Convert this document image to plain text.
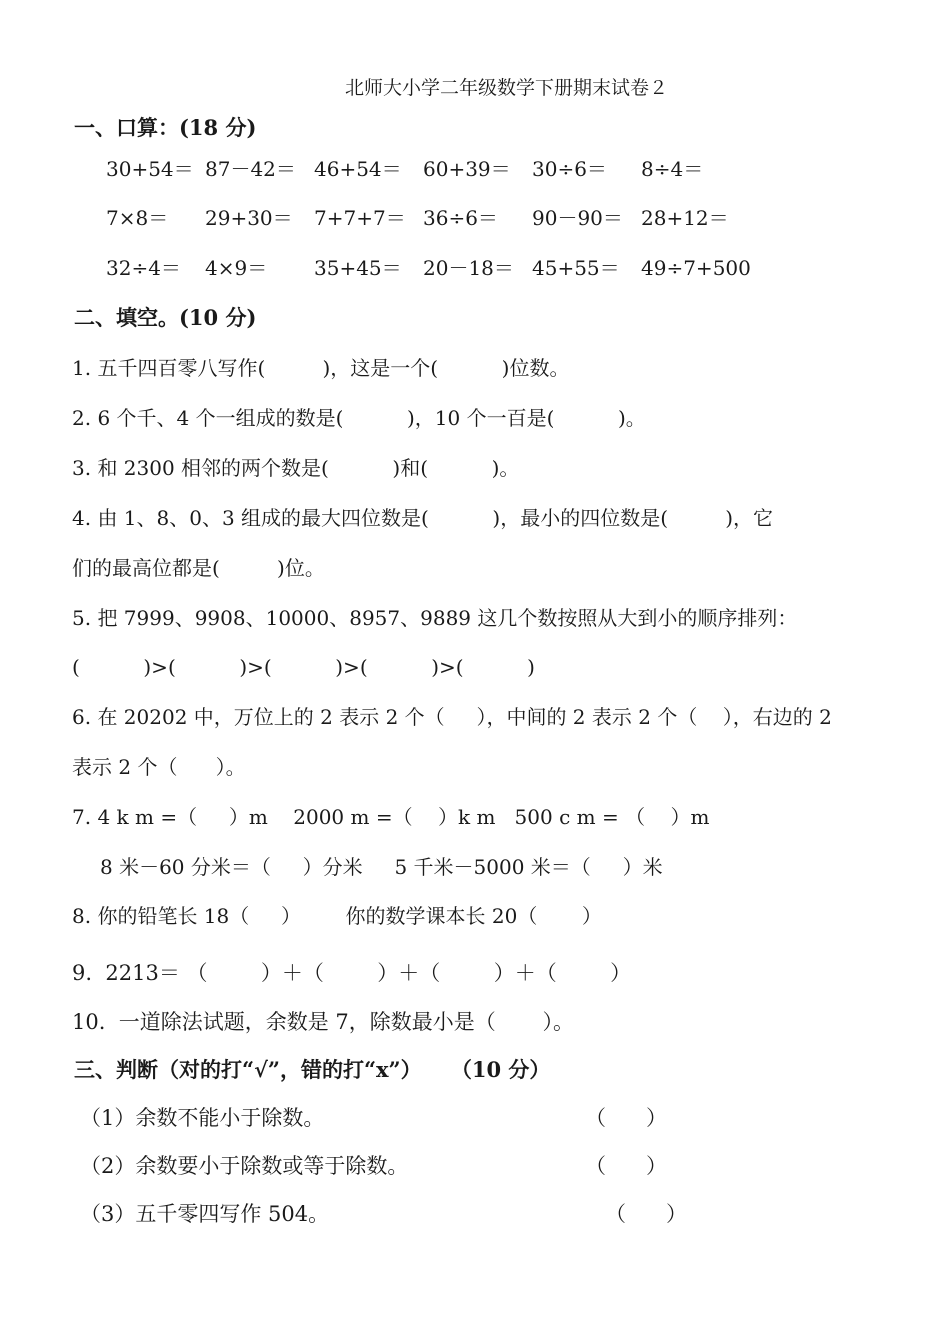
北师大小学二年级数学下册期末试卷２
一、口算：(18 分)
30+54＝ 87－42＝ 46+54＝ 60+39＝ 30÷6＝ 8÷4＝
7×8＝ 29+30＝ 7+7+7＝ 36÷6＝ 90－90＝ 28+12＝
32÷4＝ 4×9＝ 35+45＝ 20－18＝ 45+55＝ 49÷7+500
二、填空。(10 分)
1. 五千四百零八写作(         )，这是一个(          )位数。
2. 6 个千、4 个一组成的数是(          )，10 个一百是(          )。
3. 和 2300 相邻的两个数是(          )和(          )。
4. 由 1、8、0、3 组成的最大四位数是(          )，最小的四位数是(         )，它
们的最高位都是(         )位。
5. 把 7999、9908、10000、8957、9889 这几个数按照从大到小的顺序排列：
(          )>(          )>(          )>(          )>(          )
6. 在 20202 中，万位上的 2 表示 2 个（     ），中间的 2 表示 2 个（    ），右边的 2
表示 2 个（      ）。
7. 4 k m =（     ）m    2000 m =（    ）k m   500 c m = （    ）m
8 米－60 分米＝（     ）分米     5 千米－5000 米＝（     ）米
8. 你的铅笔长 18（     ）       你的数学课本长 20（       ）
9.  2213＝ （        ）＋（        ）＋（        ）＋（        ）
10.  一道除法试题，余数是 7，除数最小是（       ）。
三、判断（对的打“√”，错的打“x”）    （10 分）
（1）余数不能小于除数。	（      ）
（2）余数要小于除数或等于除数。	（      ）
（3）五千零四写作 504。	（      ）
